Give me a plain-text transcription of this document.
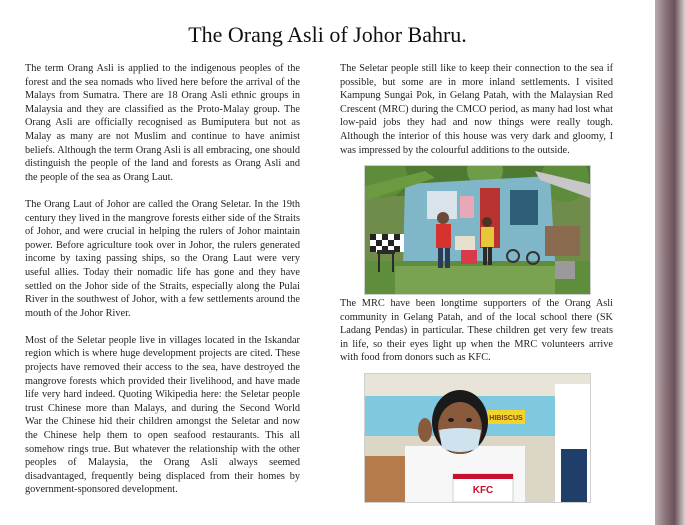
The Orang Asli of Johor Bahru.

The term Orang Asli is applied to the indigenous peoples of the forest and the sea nomads who lived here before the arrival of the Malays from Sumatra. There are 18 Orang Asli ethnic groups in Malaysia and they are classified as the Proto-Malay group. The Orang Asli are officially recognised as Bumiputera but not as Malay as many are not Muslim and continue to have animist beliefs. Although the term Orang Asli is all embracing, one should distinguish the people of the land and forests as Orang Asli and the people of the sea as Orang Laut.

The Orang Laut of Johor are called the Orang Seletar. In the 19th century they lived in the mangrove forests either side of the Straits of Johor, and were crucial in helping the rulers of Johor maintain power. Before agriculture took over in Johor, the rulers generated income by taxing passing ships, so the Orang Laut were very useful allies. Today their nomadic life has gone and they have settled on the Johor side of the Straits, especially along the Pulai River in the southwest of Johor, with a few settlements around the mouth of the Johor River.

Most of the Seletar people live in villages located in the Iskandar region which is where huge development projects are cited. These projects have removed their access to the sea, have destroyed the mangrove forests which provided their livelihood, and have made life very hard indeed. Quoting Wikipedia here: the Seletar people trust Chinese more than Malays, and during the Second World War the Chinese hid their children amongst the Seletar and now the Chinese help them to open seafood restaurants. This all somehow rings true. But whatever the relationship with the other peoples of Malaysia, the Orang Asli always seemed disadvantaged, frequently being displaced from their homes by government-sponsored development.

The Seletar people still like to keep their connection to the sea if possible, but some are in more inland settlements. I visited Kampung Sungai Pok, in Gelang Patah, with the Malaysian Red Crescent (MRC) during the CMCO period, as many had lost what low-paid jobs they had and now things were really tough. Although the interior of this house was very dark and gloomy, I was impressed by the colourful additions to the outside.

The MRC have been longtime supporters of the Orang Asli community in Gelang Patah, and of the local school there (SK Ladang Pendas) in particular. These children get very few treats in life, so their eyes light up when the MRC volunteers arrive with food from donors such as KFC.

HIBISCUS
KFC
